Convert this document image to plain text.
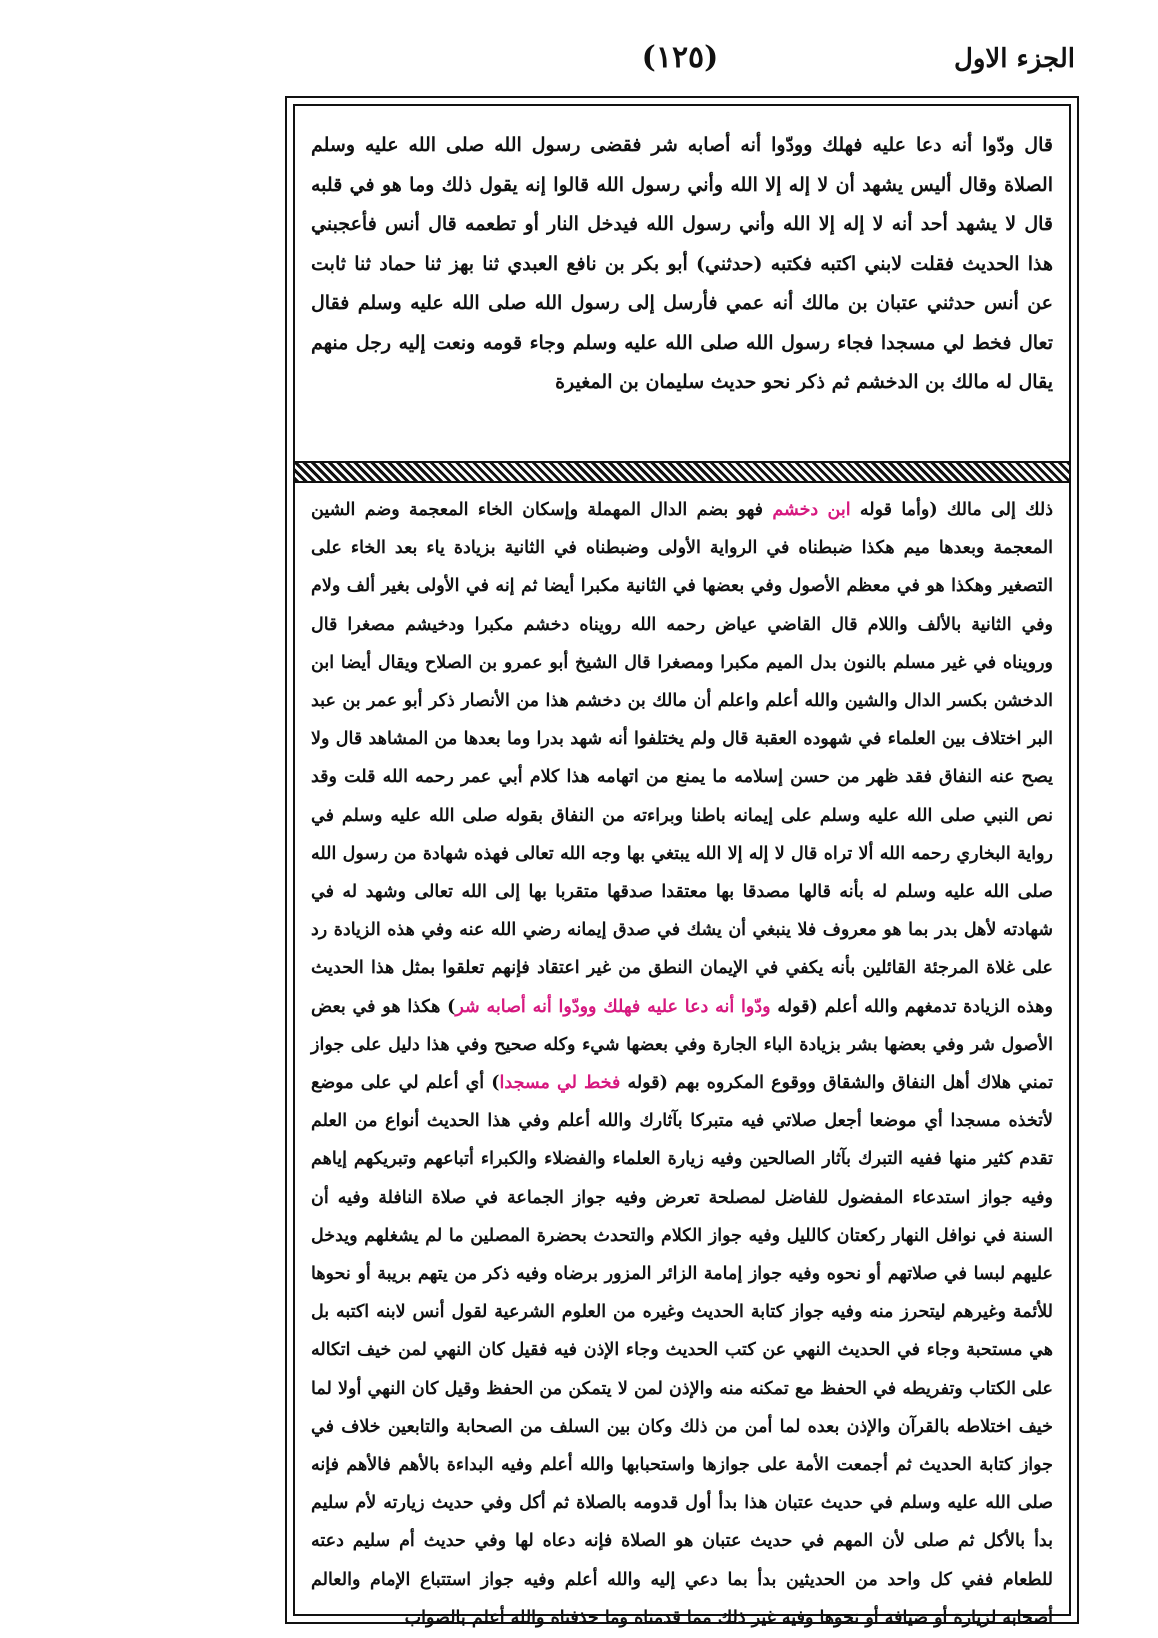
الجزء الاول
(١٢٥)

قال ودّوا أنه دعا عليه فهلك وودّوا أنه أصابه شر فقضى رسول الله صلى الله عليه وسلم الصلاة وقال أليس يشهد أن لا إله إلا الله وأني رسول الله قالوا إنه يقول ذلك وما هو في قلبه قال لا يشهد أحد أنه لا إله إلا الله وأني رسول الله فيدخل النار أو تطعمه قال أنس فأعجبني هذا الحديث فقلت لابني اكتبه فكتبه (حدثني) أبو بكر بن نافع العبدي ثنا بهز ثنا حماد ثنا ثابت عن أنس حدثني عتبان بن مالك أنه عمي فأرسل إلى رسول الله صلى الله عليه وسلم فقال تعال فخط لي مسجدا فجاء رسول الله صلى الله عليه وسلم وجاء قومه ونعت إليه رجل منهم يقال له مالك بن الدخشم ثم ذكر نحو حديث سليمان بن المغيرة

ذلك إلى مالك (وأما قوله ابن دخشم فهو بضم الدال المهملة وإسكان الخاء المعجمة وضم الشين المعجمة وبعدها ميم هكذا ضبطناه في الرواية الأولى وضبطناه في الثانية بزيادة ياء بعد الخاء على التصغير وهكذا هو في معظم الأصول وفي بعضها في الثانية مكبرا أيضا ثم إنه في الأولى بغير ألف ولام وفي الثانية بالألف واللام قال القاضي عياض رحمه الله رويناه دخشم مكبرا ودخيشم مصغرا قال ورويناه في غير مسلم بالنون بدل الميم مكبرا ومصغرا قال الشيخ أبو عمرو بن الصلاح ويقال أيضا ابن الدخشن بكسر الدال والشين والله أعلم واعلم أن مالك بن دخشم هذا من الأنصار ذكر أبو عمر بن عبد البر اختلاف بين العلماء في شهوده العقبة قال ولم يختلفوا أنه شهد بدرا وما بعدها من المشاهد قال ولا يصح عنه النفاق فقد ظهر من حسن إسلامه ما يمنع من اتهامه هذا كلام أبي عمر رحمه الله قلت وقد نص النبي صلى الله عليه وسلم على إيمانه باطنا وبراءته من النفاق بقوله صلى الله عليه وسلم في رواية البخاري رحمه الله ألا تراه قال لا إله إلا الله يبتغي بها وجه الله تعالى فهذه شهادة من رسول الله صلى الله عليه وسلم له بأنه قالها مصدقا بها معتقدا صدقها متقربا بها إلى الله تعالى وشهد له في شهادته لأهل بدر بما هو معروف فلا ينبغي أن يشك في صدق إيمانه رضي الله عنه وفي هذه الزيادة رد على غلاة المرجئة القائلين بأنه يكفي في الإيمان النطق من غير اعتقاد فإنهم تعلقوا بمثل هذا الحديث وهذه الزيادة تدمغهم والله أعلم (قوله ودّوا أنه دعا عليه فهلك وودّوا أنه أصابه شر) هكذا هو في بعض الأصول شر وفي بعضها بشر بزيادة الباء الجارة وفي بعضها شيء وكله صحيح وفي هذا دليل على جواز تمني هلاك أهل النفاق والشقاق ووقوع المكروه بهم (قوله فخط لي مسجدا) أي أعلم لي على موضع لأتخذه مسجدا أي موضعا أجعل صلاتي فيه متبركا بآثارك والله أعلم وفي هذا الحديث أنواع من العلم تقدم كثير منها ففيه التبرك بآثار الصالحين وفيه زيارة العلماء والفضلاء والكبراء أتباعهم وتبريكهم إياهم وفيه جواز استدعاء المفضول للفاضل لمصلحة تعرض وفيه جواز الجماعة في صلاة النافلة وفيه أن السنة في نوافل النهار ركعتان كالليل وفيه جواز الكلام والتحدث بحضرة المصلين ما لم يشغلهم ويدخل عليهم لبسا في صلاتهم أو نحوه وفيه جواز إمامة الزائر المزور برضاه وفيه ذكر من يتهم بريبة أو نحوها للأئمة وغيرهم ليتحرز منه وفيه جواز كتابة الحديث وغيره من العلوم الشرعية لقول أنس لابنه اكتبه بل هي مستحبة وجاء في الحديث النهي عن كتب الحديث وجاء الإذن فيه فقيل كان النهي لمن خيف اتكاله على الكتاب وتفريطه في الحفظ مع تمكنه منه والإذن لمن لا يتمكن من الحفظ وقيل كان النهي أولا لما خيف اختلاطه بالقرآن والإذن بعده لما أمن من ذلك وكان بين السلف من الصحابة والتابعين خلاف في جواز كتابة الحديث ثم أجمعت الأمة على جوازها واستحبابها والله أعلم وفيه البداءة بالأهم فالأهم فإنه صلى الله عليه وسلم في حديث عتبان هذا بدأ أول قدومه بالصلاة ثم أكل وفي حديث زيارته لأم سليم بدأ بالأكل ثم صلى لأن المهم في حديث عتبان هو الصلاة فإنه دعاه لها وفي حديث أم سليم دعته للطعام ففي كل واحد من الحديثين بدأ بما دعي إليه والله أعلم وفيه جواز استتباع الإمام والعالم أصحابه لزيارة أو ضيافة أو نحوها وفيه غير ذلك مما قدمناه وما حذفناه والله أعلم بالصواب
